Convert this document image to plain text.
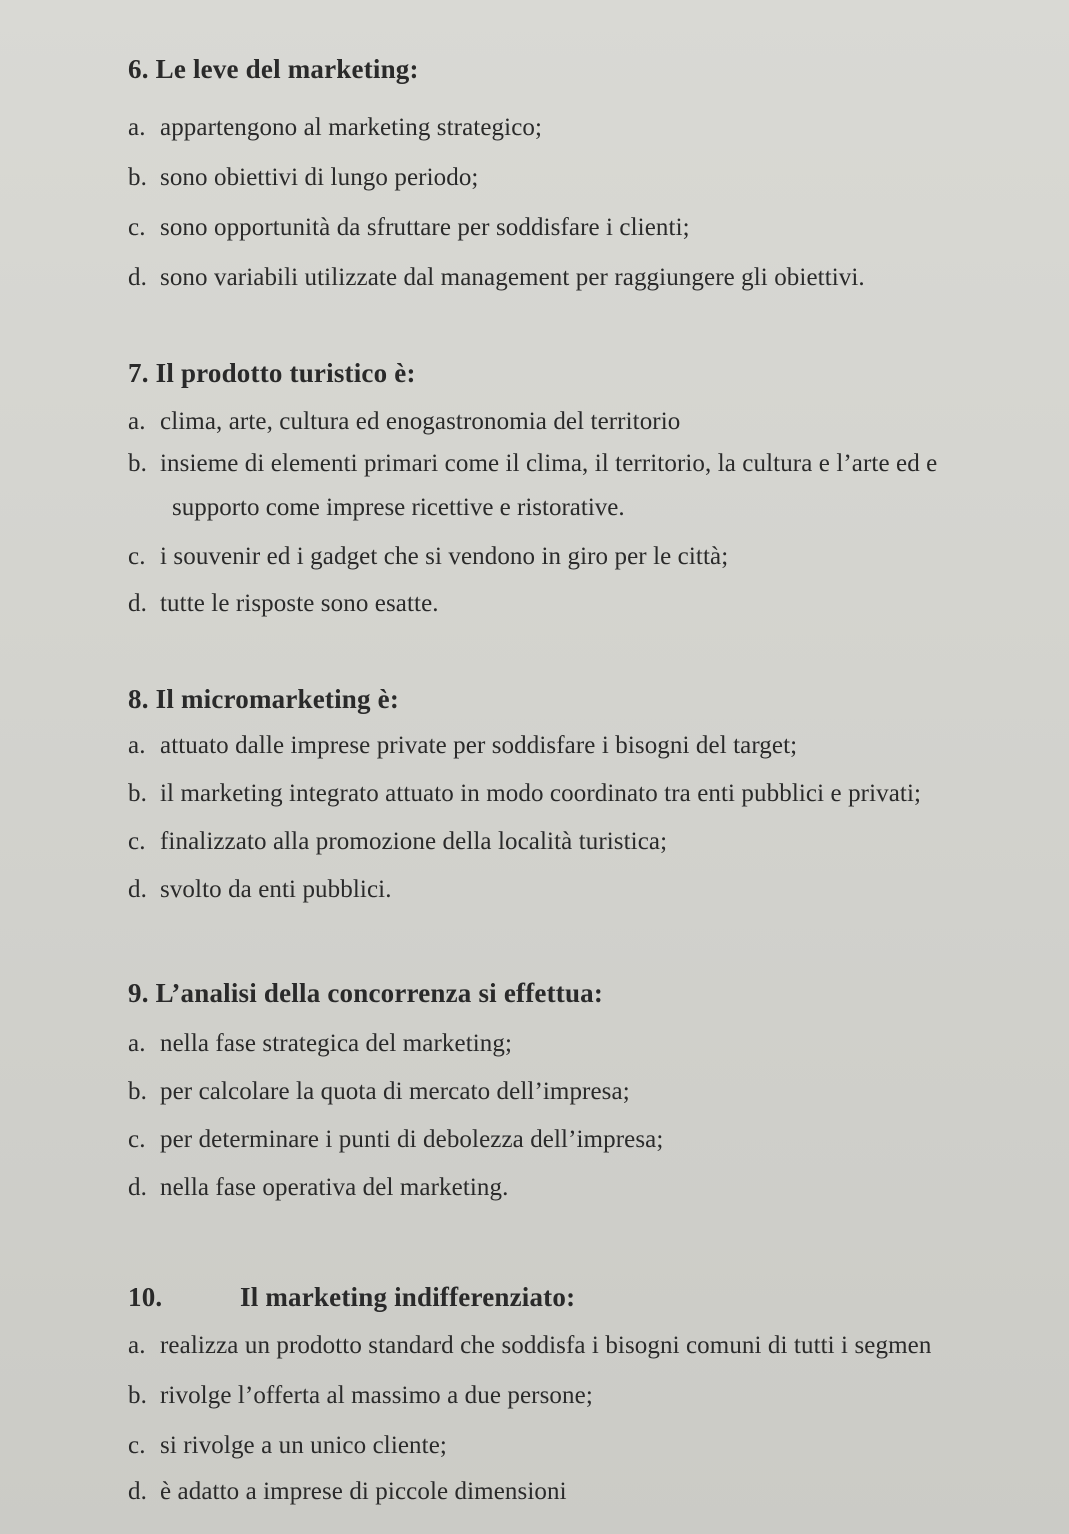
6. Le leve del marketing:
a. appartengono al marketing strategico;
b. sono obiettivi di lungo periodo;
c. sono opportunità da sfruttare per soddisfare i clienti;
d. sono variabili utilizzate dal management per raggiungere gli obiettivi.
7. Il prodotto turistico è:
a. clima, arte, cultura ed enogastronomia del territorio
b. insieme di elementi primari come il clima, il territorio, la cultura e l’arte ed e
supporto come imprese ricettive e ristorative.
c. i souvenir ed i gadget che si vendono in giro per le città;
d. tutte le risposte sono esatte.
8. Il micromarketing è:
a. attuato dalle imprese private per soddisfare i bisogni del target;
b. il marketing integrato attuato in modo coordinato tra enti pubblici e privati;
c. finalizzato alla promozione della località turistica;
d. svolto da enti pubblici.
9. L’analisi della concorrenza si effettua:
a. nella fase strategica del marketing;
b. per calcolare la quota di mercato dell’impresa;
c. per determinare i punti di debolezza dell’impresa;
d. nella fase operativa del marketing.
10.	Il marketing indifferenziato:
a. realizza un prodotto standard che soddisfa i bisogni comuni di tutti i segmen
b. rivolge l’offerta al massimo a due persone;
c. si rivolge a un unico cliente;
d. è adatto a imprese di piccole dimensioni
